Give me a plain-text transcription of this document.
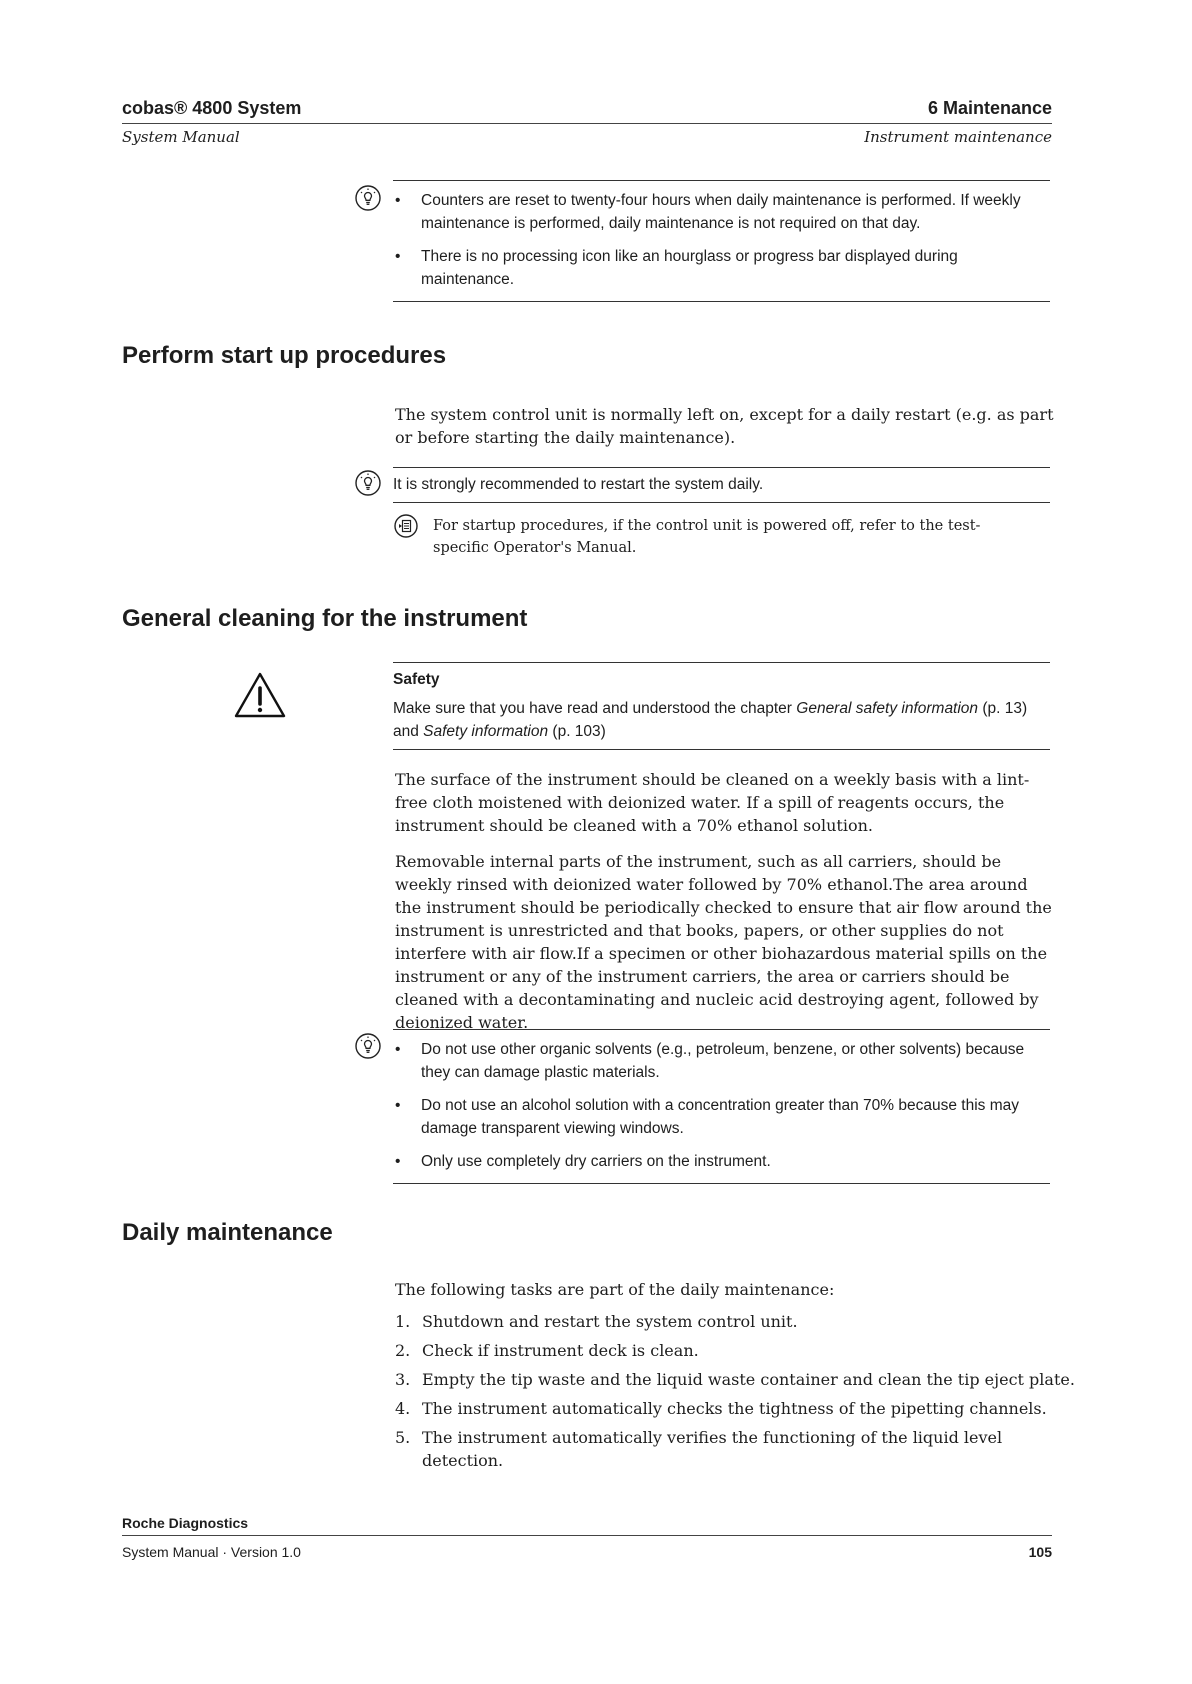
cobas® 4800 System
System Manual
6 Maintenance
Instrument maintenance
• Counters are reset to twenty-four hours when daily maintenance is performed. If weekly maintenance is performed, daily maintenance is not required on that day.
• There is no processing icon like an hourglass or progress bar displayed during maintenance.
Perform start up procedures

The system control unit is normally left on, except for a daily restart (e.g. as part or before starting the daily maintenance).

It is strongly recommended to restart the system daily.

For startup procedures, if the control unit is powered off, refer to the test-specific Operator's Manual.

General cleaning for the instrument
Safety
Make sure that you have read and understood the chapter General safety information (p. 13) and Safety information (p. 103)

The surface of the instrument should be cleaned on a weekly basis with a lint-free cloth moistened with deionized water. If a spill of reagents occurs, the instrument should be cleaned with a 70% ethanol solution.

Removable internal parts of the instrument, such as all carriers, should be weekly rinsed with deionized water followed by 70% ethanol.The area around the instrument should be periodically checked to ensure that air flow around the instrument is unrestricted and that books, papers, or other supplies do not interfere with air flow.If a specimen or other biohazardous material spills on the instrument or any of the instrument carriers, the area or carriers should be cleaned with a decontaminating and nucleic acid destroying agent, followed by deionized water.

• Do not use other organic solvents (e.g., petroleum, benzene, or other solvents) because they can damage plastic materials.
• Do not use an alcohol solution with a concentration greater than 70% because this may damage transparent viewing windows.
• Only use completely dry carriers on the instrument.
Daily maintenance

The following tasks are part of the daily maintenance:

1. Shutdown and restart the system control unit.
2. Check if instrument deck is clean.
3. Empty the tip waste and the liquid waste container and clean the tip eject plate.
4. The instrument automatically checks the tightness of the pipetting channels.
5. The instrument automatically verifies the functioning of the liquid level detection.
Roche Diagnostics
System Manual · Version 1.0	105
